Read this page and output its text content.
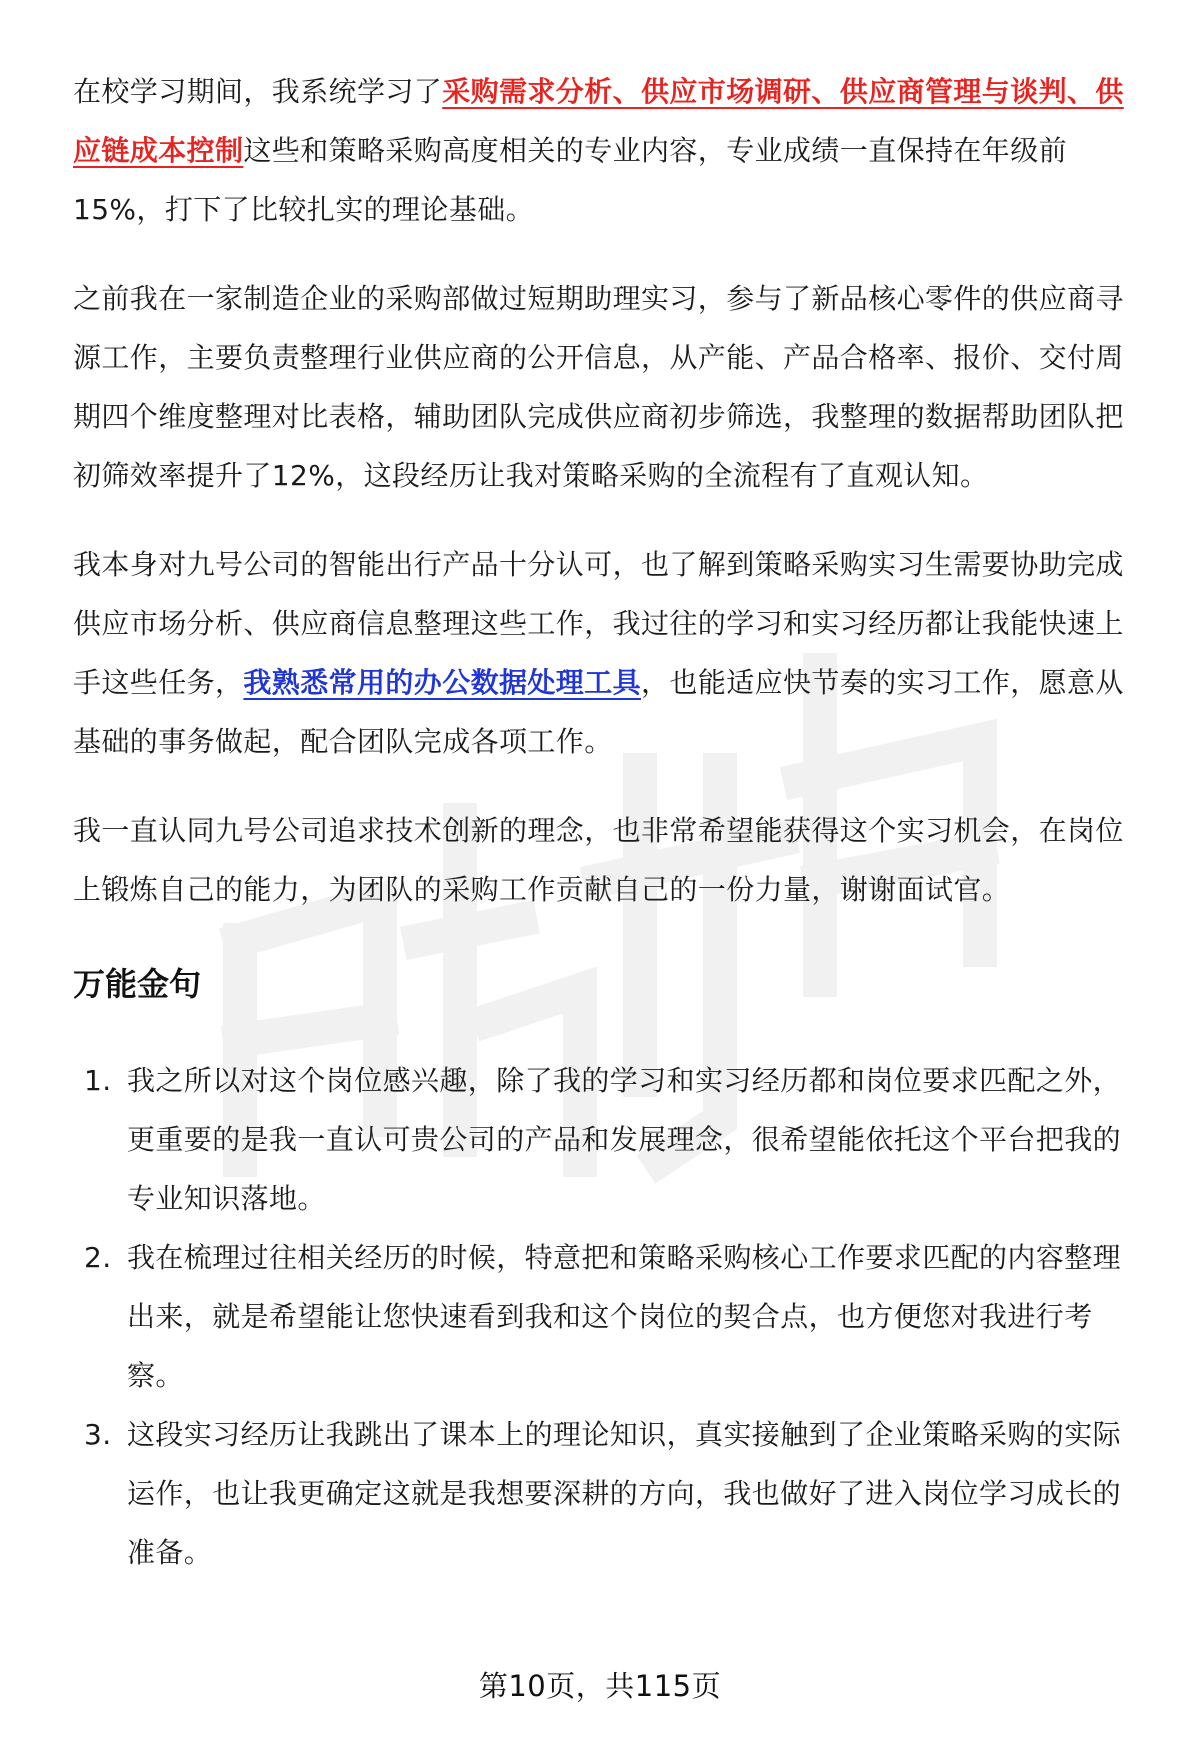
在校学习期间，我系统学习了采购需求分析、供应市场调研、供应商管理与谈判、供应链成本控制这些和策略采购高度相关的专业内容，专业成绩一直保持在年级前15%，打下了比较扎实的理论基础。

之前我在一家制造企业的采购部做过短期助理实习，参与了新品核心零件的供应商寻源工作，主要负责整理行业供应商的公开信息，从产能、产品合格率、报价、交付周期四个维度整理对比表格，辅助团队完成供应商初步筛选，我整理的数据帮助团队把初筛效率提升了12%，这段经历让我对策略采购的全流程有了直观认知。

我本身对九号公司的智能出行产品十分认可，也了解到策略采购实习生需要协助完成供应市场分析、供应商信息整理这些工作，我过往的学习和实习经历都让我能快速上手这些任务，我熟悉常用的办公数据处理工具，也能适应快节奏的实习工作，愿意从基础的事务做起，配合团队完成各项工作。

我一直认同九号公司追求技术创新的理念，也非常希望能获得这个实习机会，在岗位上锻炼自己的能力，为团队的采购工作贡献自己的一份力量，谢谢面试官。

万能金句
1. 我之所以对这个岗位感兴趣，除了我的学习和实习经历都和岗位要求匹配之外，更重要的是我一直认可贵公司的产品和发展理念，很希望能依托这个平台把我的专业知识落地。
2. 我在梳理过往相关经历的时候，特意把和策略采购核心工作要求匹配的内容整理出来，就是希望能让您快速看到我和这个岗位的契合点，也方便您对我进行考察。
3. 这段实习经历让我跳出了课本上的理论知识，真实接触到了企业策略采购的实际运作，也让我更确定这就是我想要深耕的方向，我也做好了进入岗位学习成长的准备。
第10页，共115页
